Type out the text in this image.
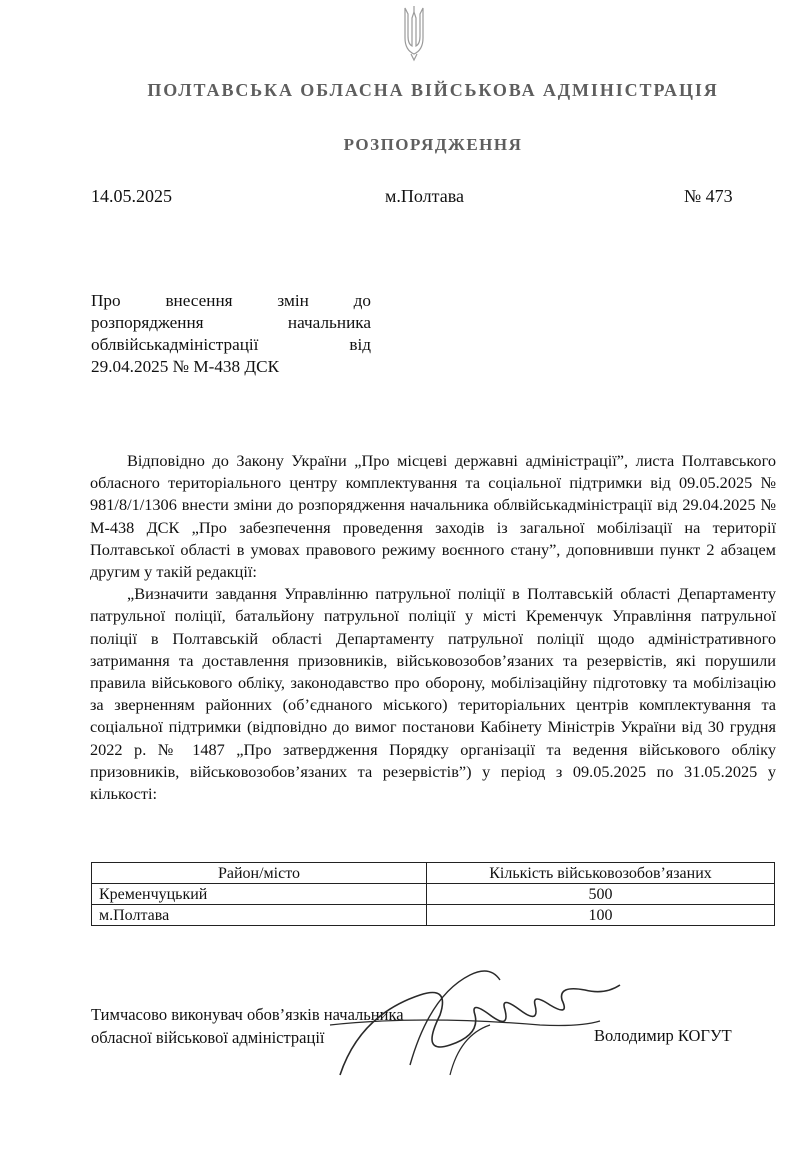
ПОЛТАВСЬКА ОБЛАСНА ВІЙСЬКОВА АДМІНІСТРАЦІЯ
РОЗПОРЯДЖЕННЯ
14.05.2025	м.Полтава	№ 473

Про внесення змін до

розпорядження начальника

облвійськадміністрації від

29.04.2025 № М-438 ДСК

Відповідно до Закону України „Про місцеві державні адміністрації”, листа Полтавського обласного територіального центру комплектування та соціальної підтримки від 09.05.2025 № 981/8/1/1306 внести зміни до розпорядження начальника облвійськадміністрації від 29.04.2025 № М-438 ДСК „Про забезпечення проведення заходів із загальної мобілізації на території Полтавської області в умовах правового режиму воєнного стану”, доповнивши пункт 2 абзацем другим у такій редакції:

„Визначити завдання Управлінню патрульної поліції в Полтавській області Департаменту патрульної поліції, батальйону патрульної поліції у місті Кременчук Управління патрульної поліції в Полтавській області Департаменту патрульної поліції щодо адміністративного затримання та доставлення призовників, військовозобов’язаних та резервістів, які порушили правила військового обліку, законодавство про оборону, мобілізаційну підготовку та мобілізацію за зверненням районних (об’єднаного міського) територіальних центрів комплектування та соціальної підтримки (відповідно до вимог постанови Кабінету Міністрів України від 30 грудня 2022 р. № 1487 „Про затвердження Порядку організації та ведення військового обліку призовників, військовозобов’язаних та резервістів”) у період з 09.05.2025 по 31.05.2025 у кількості:

Район/місто	Кількість військовозобов’язаних
Кременчуцький	500
м.Полтава	100
Тимчасово виконувач обов’язків начальника
обласної військової адміністрації	Володимир КОГУТ
